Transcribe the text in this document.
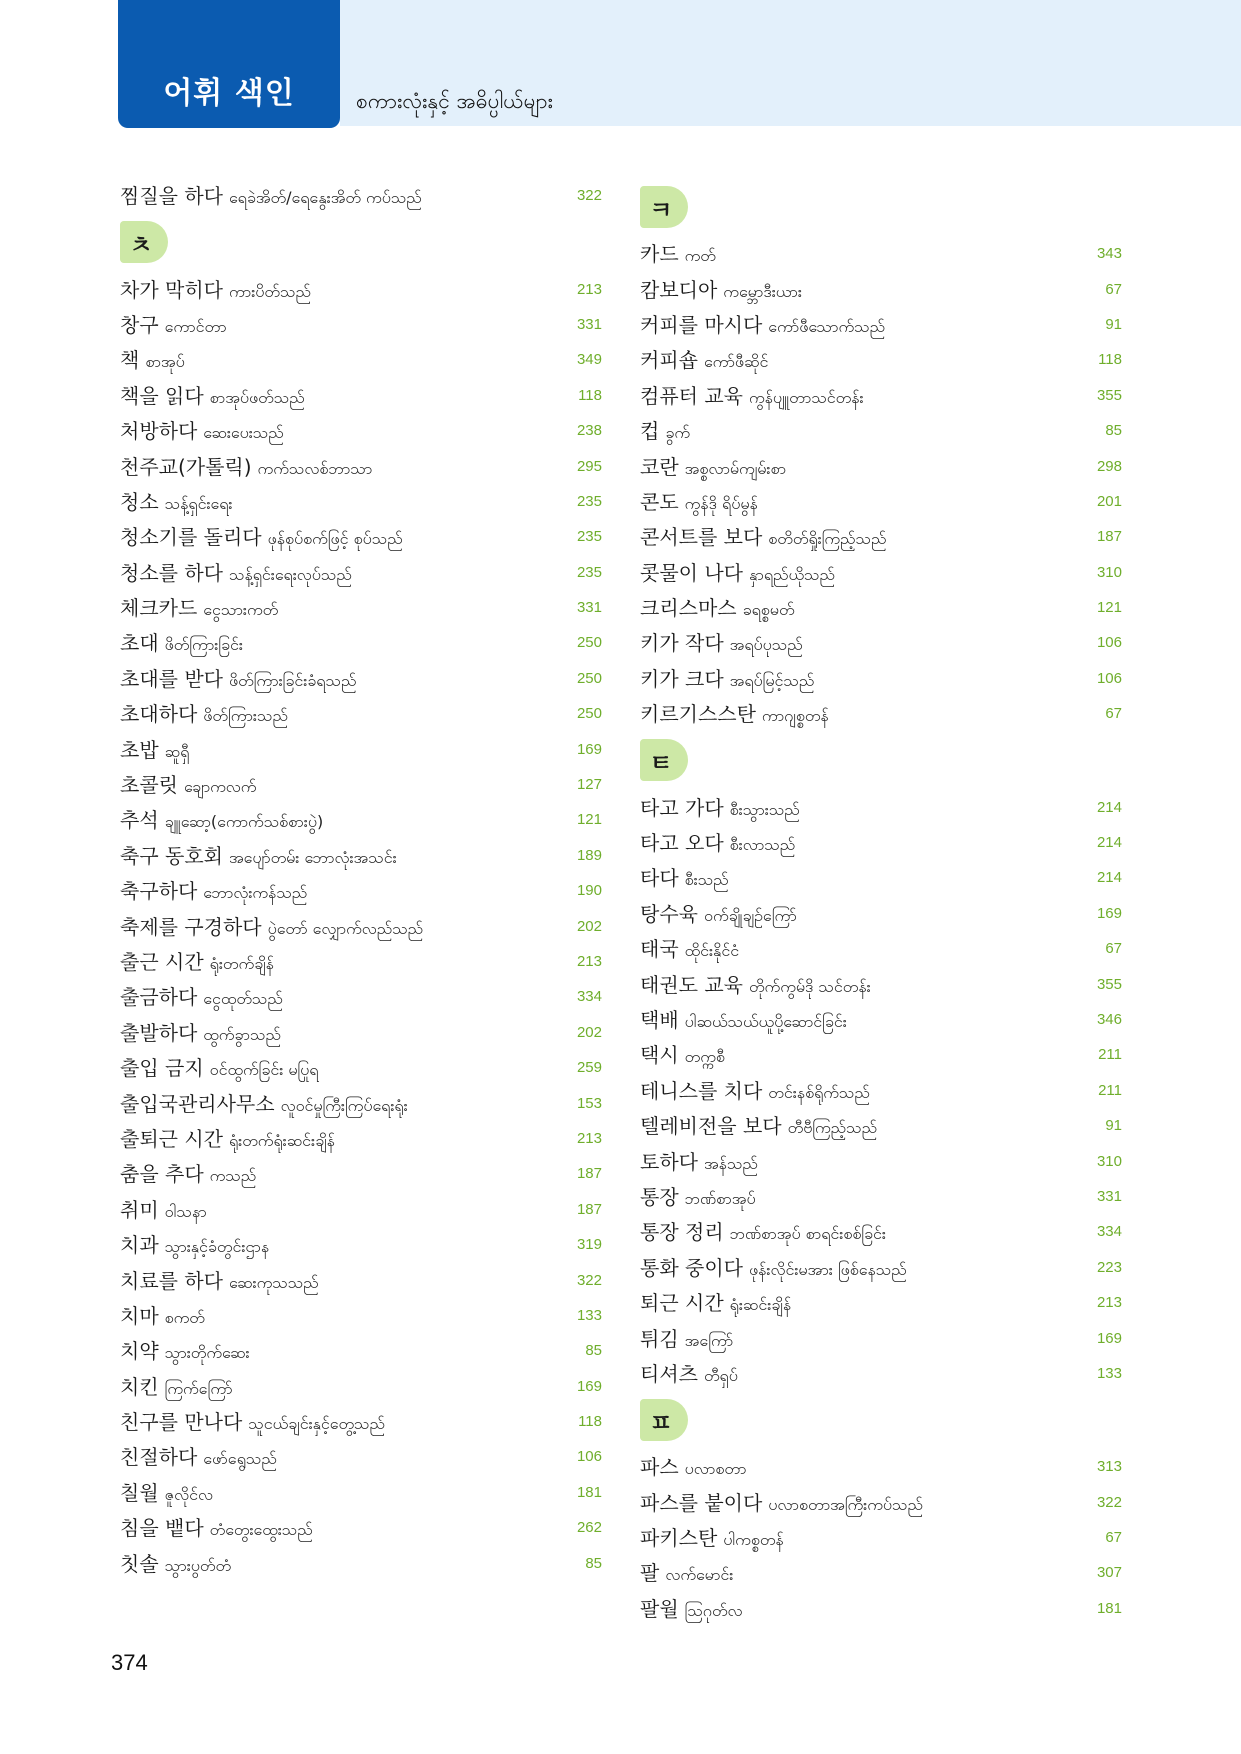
어휘 색인	စကားလုံးနှင့် အဓိပ္ပါယ်များ
찜질을 하다 ရေခဲအိတ်/ရေနွေးအိတ် ကပ်သည်	322
ㅊ
차가 막히다 ကားပိတ်သည်	213
창구 ကောင်တာ	331
책 စာအုပ်	349
책을 읽다 စာအုပ်ဖတ်သည်	118
처방하다 ဆေးပေးသည်	238
천주교(가톨릭) ကက်သလစ်ဘာသာ	295
청소 သန့်ရှင်းရေး	235
청소기를 돌리다 ဖုန်စုပ်စက်ဖြင့် စုပ်သည်	235
청소를 하다 သန့်ရှင်းရေးလုပ်သည်	235
체크카드 ငွေသားကတ်	331
초대 ဖိတ်ကြားခြင်း	250
초대를 받다 ဖိတ်ကြားခြင်းခံရသည်	250
초대하다 ဖိတ်ကြားသည်	250
초밥 ဆူရှီ	169
초콜릿 ချောကလက်	127
추석 ချူဆော့(ကောက်သစ်စားပွဲ)	121
축구 동호회 အပျော်တမ်း ဘောလုံးအသင်း	189
축구하다 ဘောလုံးကန်သည်	190
축제를 구경하다 ပွဲတော် လျှောက်လည်သည်	202
출근 시간 ရုံးတက်ချိန်	213
출금하다 ငွေထုတ်သည်	334
출발하다 ထွက်ခွာသည်	202
출입 금지 ဝင်ထွက်ခြင်း မပြုရ	259
출입국관리사무소 လူဝင်မှုကြီးကြပ်ရေးရုံး	153
출퇴근 시간 ရုံးတက်ရုံးဆင်းချိန်	213
춤을 추다 ကသည်	187
취미 ဝါသနာ	187
치과 သွားနှင့်ခံတွင်းဌာန	319
치료를 하다 ဆေးကုသသည်	322
치마 စကတ်	133
치약 သွားတိုက်ဆေး	85
치킨 ကြက်ကြော်	169
친구를 만나다 သူငယ်ချင်းနှင့်တွေ့သည်	118
친절하다 ဖော်ရွေသည်	106
칠월 ဇူလိုင်လ	181
침을 뱉다 တံတွေးထွေးသည်	262
칫솔 သွားပွတ်တံ	85
ㅋ
카드 ကတ်	343
캄보디아 ကမ္ဘောဒီးယား	67
커피를 마시다 ကော်ဖီသောက်သည်	91
커피숍 ကော်ဖီဆိုင်	118
컴퓨터 교육 ကွန်ပျူတာသင်တန်း	355
컵 ခွက်	85
코란 အစ္စလာမ်ကျမ်းစာ	298
콘도 ကွန်ဒို ရိပ်မွန်	201
콘서트를 보다 စတိတ်ရှိုးကြည့်သည်	187
콧물이 나다 နှာရည်ယိုသည်	310
크리스마스 ခရစ္စမတ်	121
키가 작다 အရပ်ပုသည်	106
키가 크다 အရပ်မြင့်သည်	106
키르기스스탄 ကာဂျစ္စတန်	67
ㅌ
타고 가다 စီးသွားသည်	214
타고 오다 စီးလာသည်	214
타다 စီးသည်	214
탕수육 ဝက်ချိုချဉ်ကြော်	169
태국 ထိုင်းနိုင်ငံ	67
태권도 교육 တိုက်ကွမ်ဒို သင်တန်း	355
택배 ပါဆယ်သယ်ယူပို့ဆောင်ခြင်း	346
택시 တက္ကစီ	211
테니스를 치다 တင်းနစ်ရိုက်သည်	211
텔레비전을 보다 တီဗီကြည့်သည်	91
토하다 အန်သည်	310
통장 ဘဏ်စာအုပ်	331
통장 정리 ဘဏ်စာအုပ် စာရင်းစစ်ခြင်း	334
통화 중이다 ဖုန်းလိုင်းမအား ဖြစ်နေသည်	223
퇴근 시간 ရုံးဆင်းချိန်	213
튀김 အကြော်	169
티셔츠 တီရှပ်	133
ㅍ
파스 ပလာစတာ	313
파스를 붙이다 ပလာစတာအကြီးကပ်သည်	322
파키스탄 ပါကစ္စတန်	67
팔 လက်မောင်း	307
팔월 ဩဂုတ်လ	181
374
